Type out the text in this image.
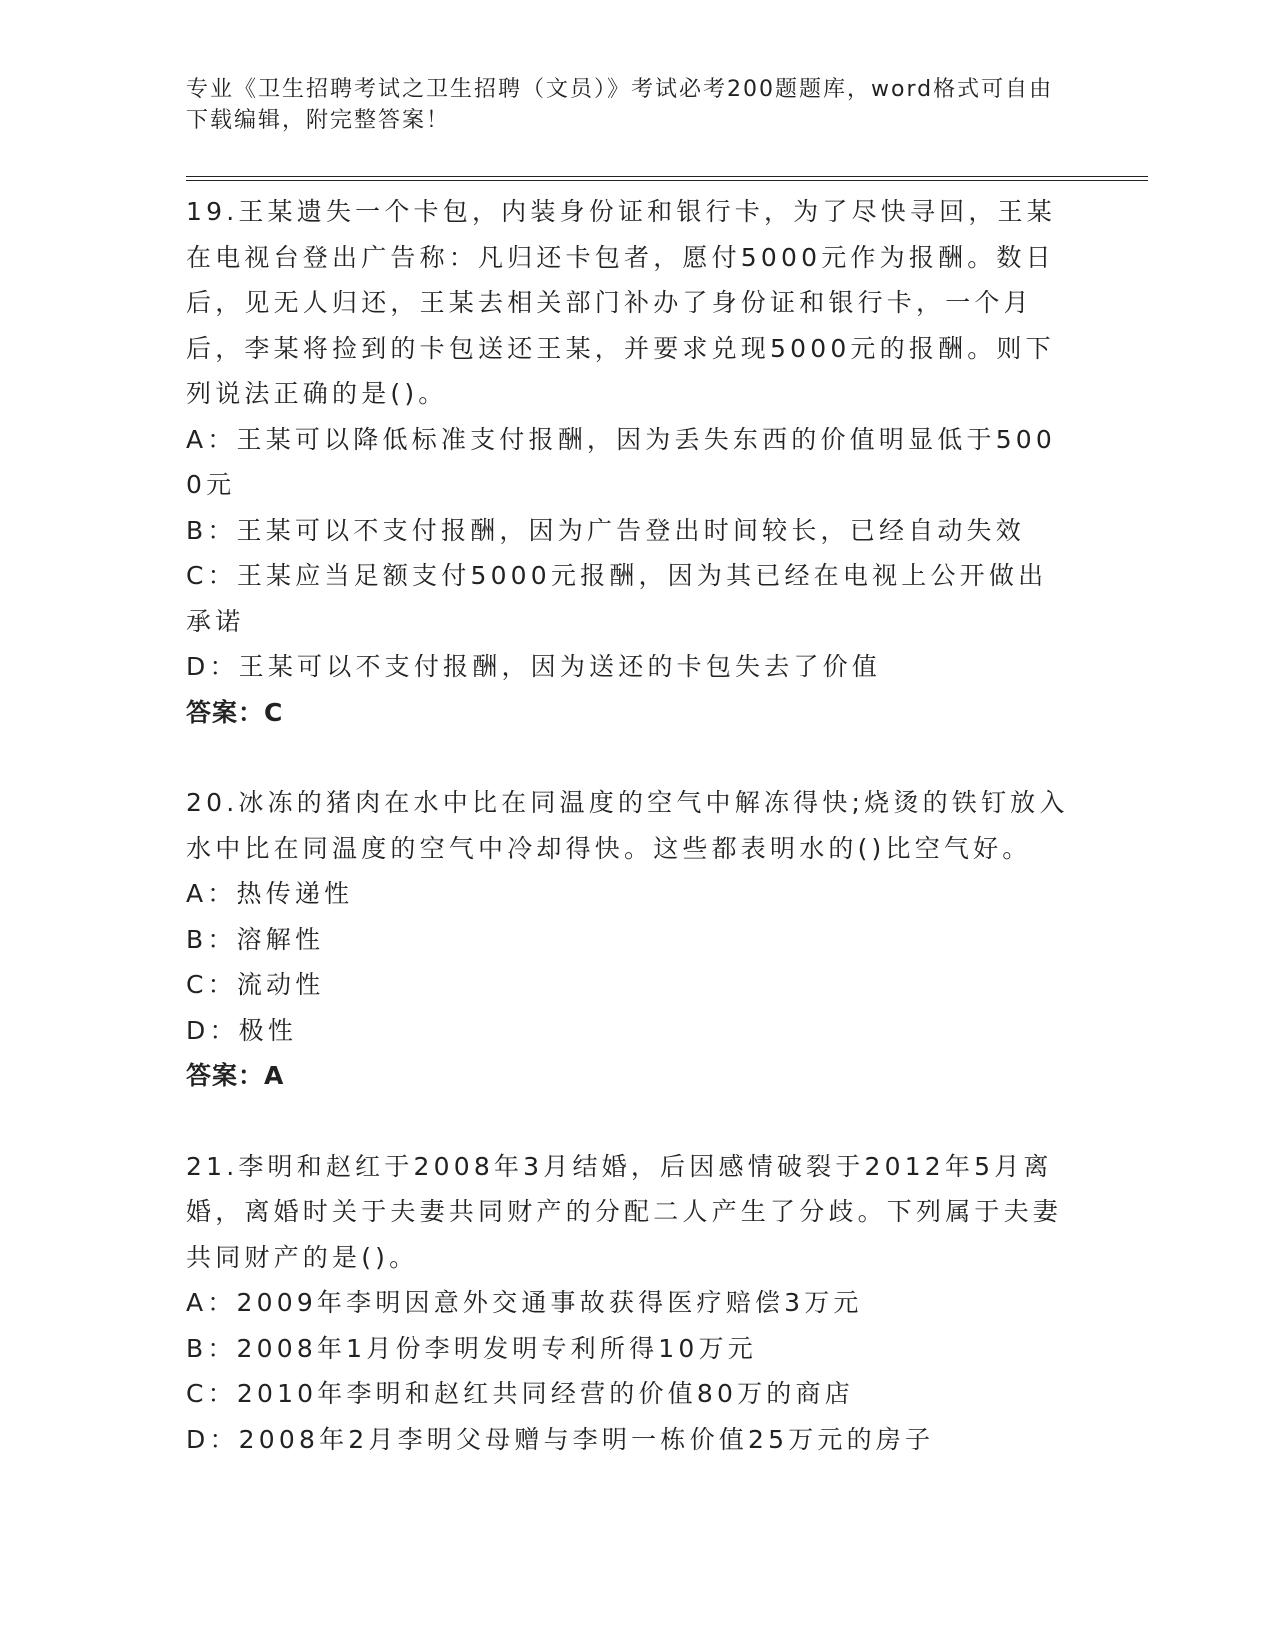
专业《卫生招聘考试之卫生招聘（文员）》考试必考200题题库，word格式可自由下载编辑，附完整答案！

19.王某遗失一个卡包，内装身份证和银行卡，为了尽快寻回，王某在电视台登出广告称：凡归还卡包者，愿付5000元作为报酬。数日后，见无人归还，王某去相关部门补办了身份证和银行卡，一个月后，李某将捡到的卡包送还王某，并要求兑现5000元的报酬。则下列说法正确的是()。

A：王某可以降低标准支付报酬，因为丢失东西的价值明显低于5000元

B：王某可以不支付报酬，因为广告登出时间较长，已经自动失效

C：王某应当足额支付5000元报酬，因为其已经在电视上公开做出承诺

D：王某可以不支付报酬，因为送还的卡包失去了价值

答案：C

20.冰冻的猪肉在水中比在同温度的空气中解冻得快;烧烫的铁钉放入水中比在同温度的空气中冷却得快。这些都表明水的()比空气好。

A：热传递性

B：溶解性

C：流动性

D：极性

答案：A

21.李明和赵红于2008年3月结婚，后因感情破裂于2012年5月离婚，离婚时关于夫妻共同财产的分配二人产生了分歧。下列属于夫妻共同财产的是()。

A：2009年李明因意外交通事故获得医疗赔偿3万元

B：2008年1月份李明发明专利所得10万元

C：2010年李明和赵红共同经营的价值80万的商店

D：2008年2月李明父母赠与李明一栋价值25万元的房子
